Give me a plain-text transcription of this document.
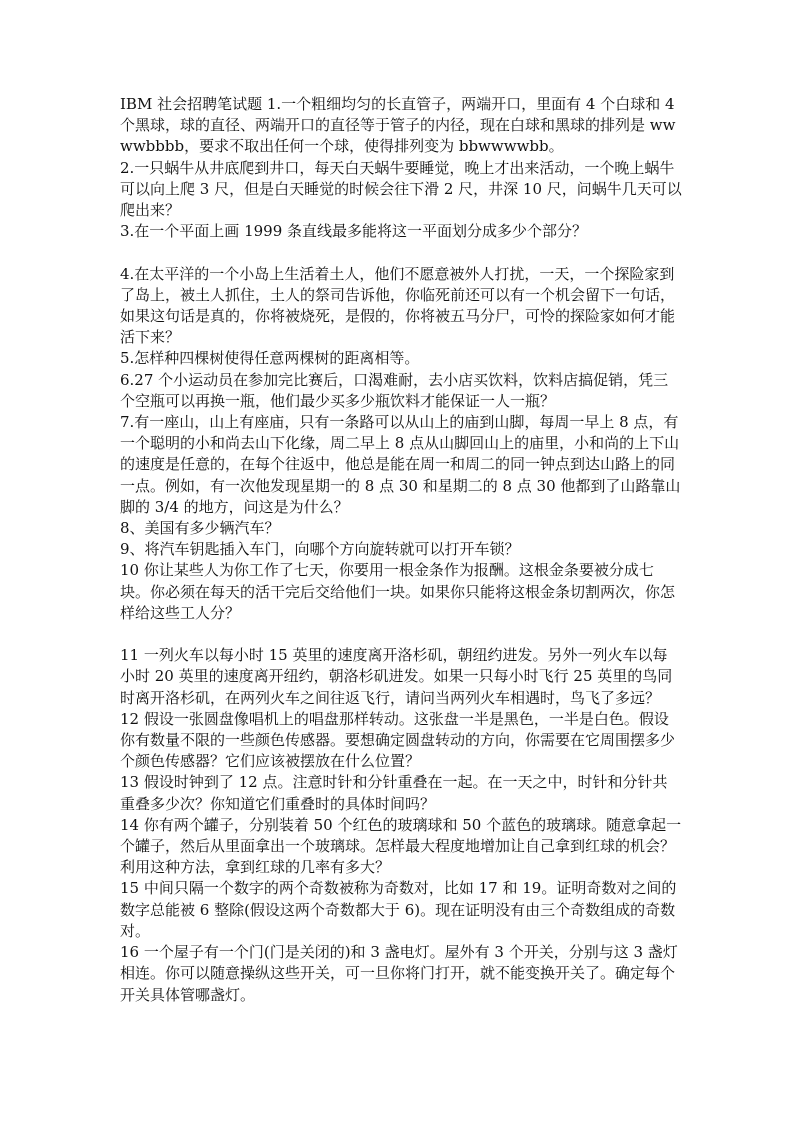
IBM 社会招聘笔试题 1.一个粗细均匀的长直管子，两端开口，里面有 4 个白球和 4 个黑球，球的直径、两端开口的直径等于管子的内径，现在白球和黑球的排列是 wwwwbbbb，要求不取出任何一个球，使得排列变为 bbwwwwbb。

2.一只蜗牛从井底爬到井口，每天白天蜗牛要睡觉，晚上才出来活动，一个晚上蜗牛可以向上爬 3 尺，但是白天睡觉的时候会往下滑 2 尺，井深 10 尺，问蜗牛几天可以爬出来？

3.在一个平面上画 1999 条直线最多能将这一平面划分成多少个部分？

4.在太平洋的一个小岛上生活着土人，他们不愿意被外人打扰，一天，一个探险家到了岛上，被土人抓住，土人的祭司告诉他，你临死前还可以有一个机会留下一句话，如果这句话是真的，你将被烧死，是假的，你将被五马分尸，可怜的探险家如何才能活下来？

5.怎样种四棵树使得任意两棵树的距离相等。

6.27 个小运动员在参加完比赛后，口渴难耐，去小店买饮料，饮料店搞促销，凭三个空瓶可以再换一瓶，他们最少买多少瓶饮料才能保证一人一瓶？

7.有一座山，山上有座庙，只有一条路可以从山上的庙到山脚，每周一早上 8 点，有一个聪明的小和尚去山下化缘，周二早上 8 点从山脚回山上的庙里，小和尚的上下山的速度是任意的，在每个往返中，他总是能在周一和周二的同一钟点到达山路上的同一点。例如，有一次他发现星期一的 8 点 30 和星期二的 8 点 30 他都到了山路靠山脚的 3/4 的地方，问这是为什么？

8、美国有多少辆汽车？

9、将汽车钥匙插入车门，向哪个方向旋转就可以打开车锁？

10 你让某些人为你工作了七天，你要用一根金条作为报酬。这根金条要被分成七块。你必须在每天的活干完后交给他们一块。如果你只能将这根金条切割两次，你怎样给这些工人分？

11 一列火车以每小时 15 英里的速度离开洛杉矶，朝纽约进发。另外一列火车以每小时 20 英里的速度离开纽约，朝洛杉矶进发。如果一只每小时飞行 25 英里的鸟同时离开洛杉矶，在两列火车之间往返飞行，请问当两列火车相遇时，鸟飞了多远？

12 假设一张圆盘像唱机上的唱盘那样转动。这张盘一半是黑色，一半是白色。假设你有数量不限的一些颜色传感器。要想确定圆盘转动的方向，你需要在它周围摆多少个颜色传感器？它们应该被摆放在什么位置？

13 假设时钟到了 12 点。注意时针和分针重叠在一起。在一天之中，时针和分针共重叠多少次？你知道它们重叠时的具体时间吗？

14 你有两个罐子，分别装着 50 个红色的玻璃球和 50 个蓝色的玻璃球。随意拿起一个罐子，然后从里面拿出一个玻璃球。怎样最大程度地增加让自己拿到红球的机会？利用这种方法，拿到红球的几率有多大？

15 中间只隔一个数字的两个奇数被称为奇数对，比如 17 和 19。证明奇数对之间的数字总能被 6 整除(假设这两个奇数都大于 6)。现在证明没有由三个奇数组成的奇数对。

16 一个屋子有一个门(门是关闭的)和 3 盏电灯。屋外有 3 个开关，分别与这 3 盏灯相连。你可以随意操纵这些开关，可一旦你将门打开，就不能变换开关了。确定每个开关具体管哪盏灯。
